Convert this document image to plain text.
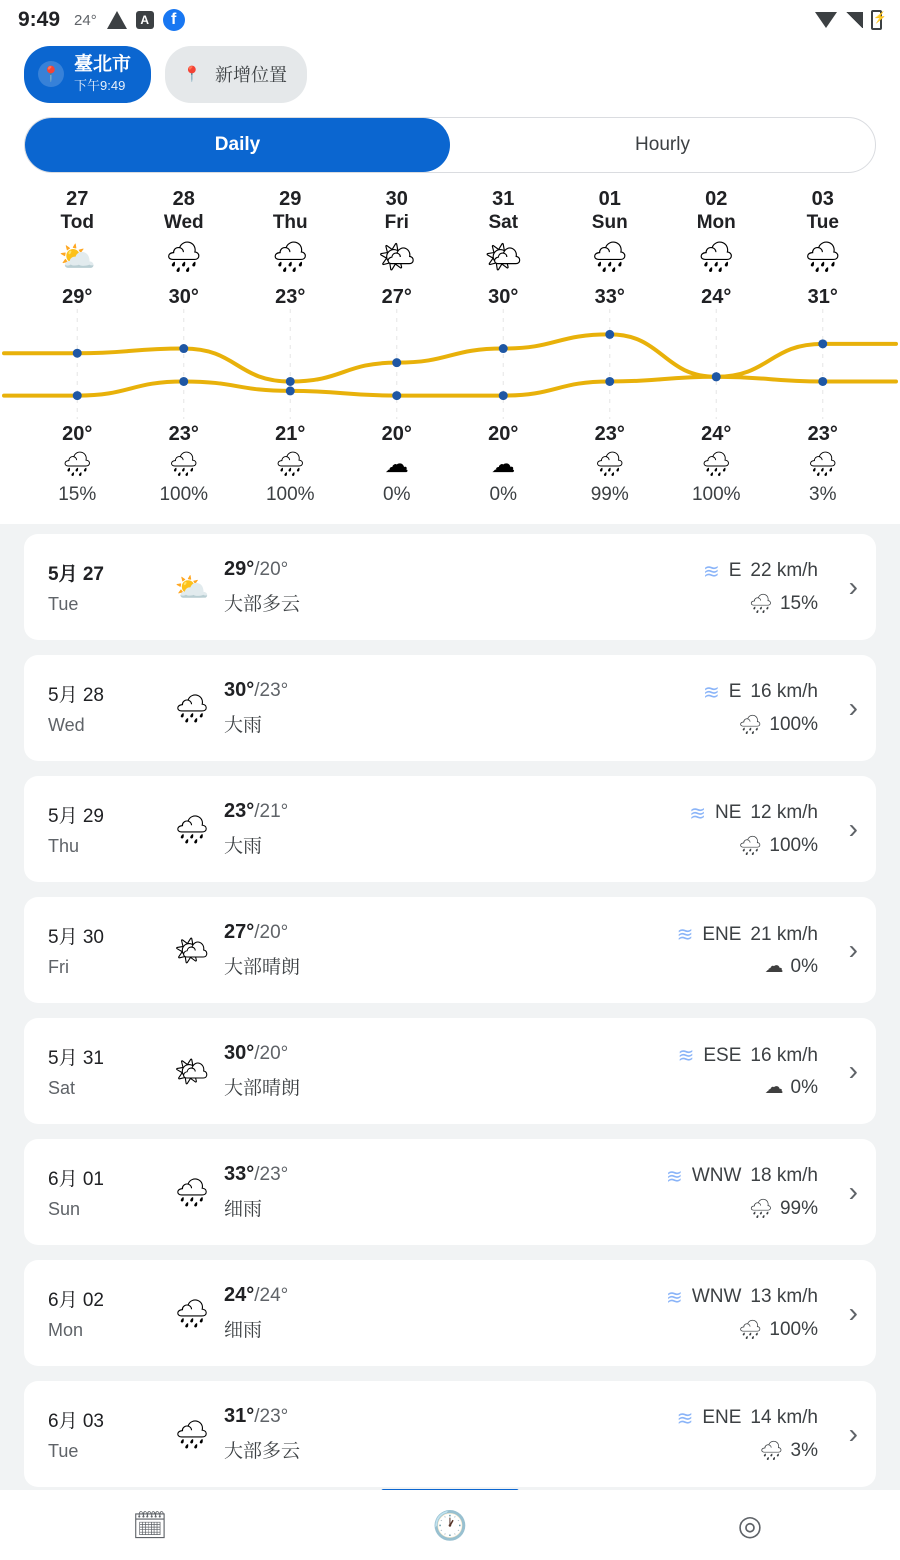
9:49 24°	A	f
⚡
📍 臺北市
下午9:49
📍 新增位置
Daily	Hourly
27	28	29	30	31	01	02	03
Tod	Wed	Thu	Fri	Sat	Sun	Mon	Tue
⛅	🌧	🌧	🌤	🌤	🌧	🌧	🌧
29°	30°	23°	27°	30°	33°	24°	31°
20°	23°	21°	20°	20°	23°	24°	23°
🌧	🌧	🌧	☁	☁	🌧	🌧	🌧
15%	100%	100%	0%	0%	99%	100%	3%
5月 27
Tue
⛅
29°/20°
大部多云
≋ E 22 km/h
🌧 15%
›
5月 28
Wed
🌧
30°/23°
大雨
≋ E 16 km/h
🌧 100%
›
5月 29
Thu
🌧
23°/21°
大雨
≋ NE 12 km/h
🌧 100%
›
5月 30
Fri
🌤
27°/20°
大部晴朗
≋ ENE 21 km/h
☁ 0%
›
5月 31
Sat
🌤
30°/20°
大部晴朗
≋ ESE 16 km/h
☁ 0%
›
6月 01
Sun
🌧
33°/23°
细雨
≋ WNW 18 km/h
🌧 99%
›
6月 02
Mon
🌧
24°/24°
细雨
≋ WNW 13 km/h
🌧 100%
›
6月 03
Tue
🌧
31°/23°
大部多云
≋ ENE 14 km/h
🌧 3%
›
🗓	🕐	◎
